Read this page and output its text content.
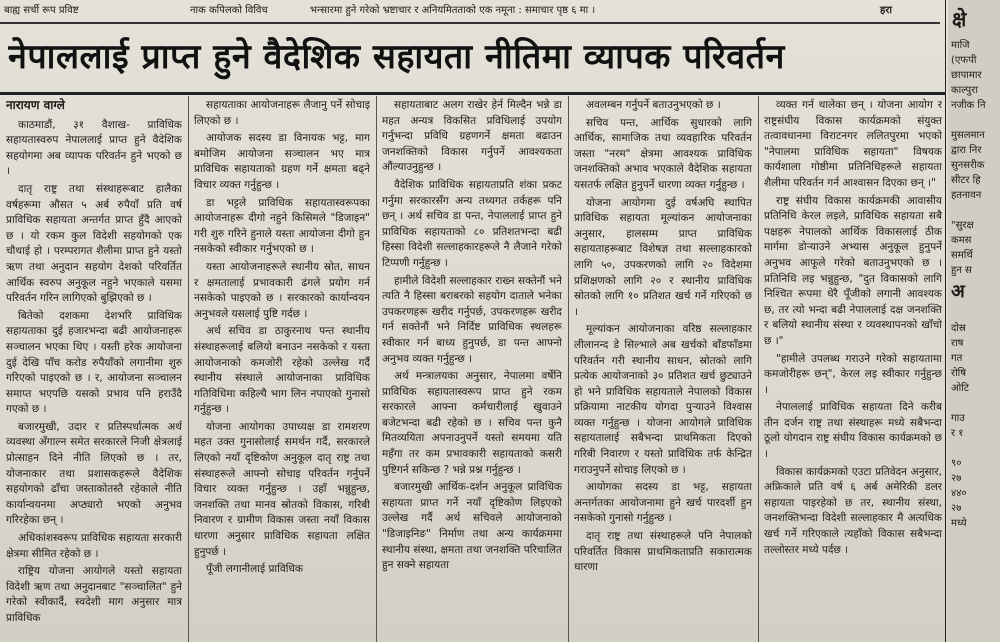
बाह्य सर्ची रूप प्रविष्ट	नाक कपिलको विविध	भन्सारमा हुने गरेको भ्रष्टाचार र अनियमितताको एक नमूना : समाचार पृष्ठ ६ मा ।	हरा
नेपाललाई प्राप्त हुने वैदेशिक सहायता नीतिमा व्यापक परिवर्तन

नारायण वाग्ले

काठमाडौं, ३१ वैशाख- प्राविधिक सहायतास्वरुप नेपाललाई प्राप्त हुने वैदेशिक सहयोगमा अब व्यापक परिवर्तन हुने भएको छ ।

दातृ राष्ट्र तथा संस्थाहरूबाट हालैका वर्षहरूमा औसत ५ अर्ब रुपैयाँ प्रति वर्ष प्राविधिक सहायता अन्तर्गत प्राप्त हुँदै आएको छ । यो रकम कुल विदेशी सहयोगको एक चौथाई हो । परम्परागत शैलीमा प्राप्त हुने यस्तो ऋण तथा अनुदान सहयोग देशको परिवर्तित आर्थिक स्वरुप अनुकूल नहुने भएकाले यसमा परिवर्तन गरिन लागिएको बुझिएको छ ।

बितेको दशकमा देशभरि प्राविधिक सहायताका दुई हजारभन्दा बढी आयोजनाहरू सञ्चालन भएका थिए । यस्ती हरेक आयोजना दुई देखि पाँच करोड रुपैयाँको लगानीमा शुरु गरिएको पाइएको छ । र, आयोजना सञ्चालन समाप्त भएपछि यसको प्रभाव पनि हराउँदै गएको छ ।

बजारमुखी, उदार र प्रतिस्पर्धात्मक अर्थ व्यवस्था अँगाल्न समेत सरकारले निजी क्षेत्रलाई प्रोत्साहन दिने नीति लिएको छ । तर, योजनाकार तथा प्रशासकहरूले वैदेशिक सहयोगको ढाँचा जस्ताकोतस्तै रहेकाले नीति कार्यान्वयनमा अप्ठ्यारो भएको अनुभव गरिरहेका छन् ।

अधिकांशस्वरूप प्राविधिक सहायता सरकारी क्षेत्रमा सीमित रहेको छ ।

राष्ट्रिय योजना आयोगले यस्तो सहायता विदेशी ऋण तथा अनुदानबाट "सञ्चालित" हुने गरेको स्वीकार्दै, स्वदेशी माग अनुसार मात्र प्राविधिक

सहायताका आयोजनाहरू लैजानु पर्ने सोचाइ लिएको छ ।

आयोजक सदस्य डा विनायक भट्ट, माग बमोजिम आयोजना सञ्चालन भए मात्र प्राविधिक सहायताको ग्रहण गर्ने क्षमता बढ्ने विचार व्यक्त गर्नुहुन्छ ।

डा भट्टले प्राविधिक सहायतास्वरूपका आयोजनाहरू दीगो नहुने किसिमले "डिजाइन" गरी शुरु गरिने हुनाले यस्ता आयोजना दीगो हुन नसकेको स्वीकार गर्नुभएको छ ।

यस्ता आयोजनाहरूले स्थानीय स्रोत, साधन र क्षमतालाई प्रभावकारी ढंगले प्रयोग गर्न नसकेको पाइएको छ । सरकारको कार्यान्वयन अनुभवले यसलाई पुष्टि गर्दछ ।

अर्थ सचिव डा ठाकुरनाथ पन्त स्थानीय संस्थाहरूलाई बलियो बनाउन नसकेको र यस्ता आयोजनाको कमजोरी रहेको उल्लेख गर्दै स्थानीय संस्थाले आयोजनाका प्राविधिक गतिविधिमा कहिल्यै भाग लिन नपाएको गुनासो गर्नुहुन्छ ।

योजना आयोगका उपाध्यक्ष डा रामशरण महत उक्त गुनासोलाई समर्थन गर्दै, सरकारले लिएको नयाँ दृष्टिकोण अनुकूल दातृ राष्ट्र तथा संस्थाहरूले आफ्नो सोचाइ परिवर्तन गर्नुपर्ने विचार व्यक्त गर्नुहुन्छ । उहाँ भन्नुहुन्छ, जनशक्ति तथा मानव स्रोतको विकास, गरिबी निवारण र ग्रामीण विकास जस्ता नयाँ विकास धारणा अनुसार प्राविधिक सहायता लक्षित हुनुपर्छ ।

पूँजी लगानीलाई प्राविधिक

सहायताबाट अलग राखेर हेर्न मिल्दैन भन्ने डा महत अन्यत्र विकसित प्रविधिलाई उपयोग गर्नुभन्दा प्रविधि ग्रहणगर्ने क्षमता बढाउन जनशक्तिको विकास गर्नुपर्ने आवश्यकता औंल्याउनुहुन्छ ।

वैदेशिक प्राविधिक सहायताप्रति शंका प्रकट गर्नुमा सरकारसँग अन्य तथ्यगत तर्कहरू पनि छन् । अर्थ सचिव डा पन्त, नेपाललाई प्राप्त हुने प्राविधिक सहायताको ८० प्रतिशतभन्दा बढी हिस्सा विदेशी सल्लाहकारहरूले नै लैजाने गरेको टिप्पणी गर्नुहुन्छ ।

हामीले विदेशी सल्लाहकार राख्न सक्तेनौं भने त्यति नै हिस्सा बराबरको सहयोग दाताले भनेका उपकरणहरू खरीद गर्नुपर्छ, उपकरणहरू खरीद गर्न सक्तेनौं भने निर्दिष्ट प्राविधिक स्थलहरू स्वीकार गर्न बाध्य हुनुपर्छ, डा पन्त आफ्नो अनुभव व्यक्त गर्नुहुन्छ ।

अर्थ मन्त्रालयका अनुसार, नेपालमा वर्षेनि प्राविधिक सहायतास्वरूप प्राप्त हुने रकम सरकारले आफ्ना कर्मचारीलाई खुवाउने बजेटभन्दा बढी रहेको छ । सचिव पन्त कुनै मितव्ययिता अपनाउनुपर्ने यस्तो समयमा यति महँगा तर कम प्रभावकारी सहायताको कसरी पुष्टिगर्न सकिन्छ ? भन्ने प्रश्न गर्नुहुन्छ ।

बजारमुखी आर्थिक-दर्शन अनुकूल प्राविधिक सहायता प्राप्त गर्ने नयाँ दृष्टिकोण लिइएको उल्लेख गर्दै अर्थ सचिवले आयोजनाको "डिजाइनिङ" निर्माण तथा अन्य कार्यक्रममा स्थानीय संस्था, क्षमता तथा जनशक्ति परिचालित हुन सक्ने सहायता

अवलम्बन गर्नुपर्ने बताउनुभएको छ ।

सचिव पन्त, आर्थिक सुधारको लागि आर्थिक, सामाजिक तथा व्यवहारिक परिवर्तन जस्ता "नरम" क्षेत्रमा आवश्यक प्राविधिक जनशक्तिको अभाव भएकाले वैदेशिक सहायता यसतर्फ लक्षित हुनुपर्ने धारणा व्यक्त गर्नुहुन्छ ।

योजना आयोगमा दुई वर्षअघि स्थापित प्राविधिक सहायता मूल्यांकन आयोजनाका अनुसार, हालसम्म प्राप्त प्राविधिक सहायताहरूबाट विशेषज्ञ तथा सल्लाहकारको लागि ५०, उपकरणको लागि २० विदेशमा प्रशिक्षणको लागि २० र स्थानीय प्राविधिक स्रोतको लागि १० प्रतिशत खर्च गर्ने गरिएको छ ।

मूल्यांकन आयोजनाका वरिष्ठ सल्लाहकार लीलानन्द डे सिल्भाले अब खर्चको बाँडफाँडमा परिवर्तन गरी स्थानीय साधन, स्रोतको लागि प्रत्येक आयोजनाको ३० प्रतिशत खर्च छुट्याउने हो भने प्राविधिक सहायताले नेपालको विकास प्रक्रियामा नाटकीय योगदा पुऱ्याउने विश्वास व्यक्त गर्नुहुन्छ । योजना आयोगले प्राविधिक सहायतालाई सबैभन्दा प्राथमिकता दिएको गरिबी निवारण र यस्तो प्राविधिक तर्फ केन्द्रित गराउनुपर्ने सोचाइ लिएको छ ।

आयोगका सदस्य डा भट्ट, सहायता अन्तर्गतका आयोजनामा हुने खर्च पारदर्शी हुन नसकेको गुनासो गर्नुहुन्छ ।

दातृ राष्ट्र तथा संस्थाहरूले पनि नेपालको परिवर्तित विकास प्राथमिकताप्रति सकारात्मक धारणा

व्यक्त गर्न थालेका छन् । योजना आयोग र राष्ट्रसंघीय विकास कार्यक्रमको संयुक्त तत्वावधानमा विराटनगर ललितपुरमा भएको "नेपालमा प्राविधिक सहायता" विषयक कार्यशाला गोष्ठीमा प्रतिनिधिहरूले सहायता शैलीमा परिवर्तन गर्न आश्वासन दिएका छन् ।"

राष्ट्र संघीय विकास कार्यक्रमकी आवासीय प्रतिनिधि केरल लइले, प्राविधिक सहायता सबै पक्षहरू नेपालको आर्थिक विकासलाई ठीक मार्गमा डोऱ्याउने अभ्यास अनुकूल हुनुपर्ने अनुभव आफूले गरेको बताउनुभएको छ । प्रतिनिधि लइ भन्नुहुन्छ, "दुत विकासको लागि निश्चित रूपमा धेरै पूँजीको लगानी आवश्यक छ, तर त्यो भन्दा बढी नेपाललाई दक्ष जनशक्ति र बलियो स्थानीय संस्था र व्यवस्थापनको खाँचो छ ।"

"हामीले उपलब्ध गराउने गरेको सहायतामा कमजोरीहरू छन्", केरल लइ स्वीकार गर्नुहुन्छ ।

नेपाललाई प्राविधिक सहायता दिने करीब तीन दर्जन राष्ट्र तथा संस्थाहरू मध्ये सबैभन्दा ठूलो योगदान राष्ट्र संघीय विकास कार्यक्रमको छ ।

विकास कार्यक्रमको एउटा प्रतिवेदन अनुसार, अफ्रिकाले प्रति वर्ष ६ अर्ब अमेरिकी डलर सहायता पाइरहेको छ तर, स्थानीय संस्था, जनशक्तिभन्दा विदेशी सल्लाहकार मै अत्यधिक खर्च गर्ने गरिएकाले त्यहाँको विकास सबैभन्दा तल्लोस्तर मध्ये पर्दछ ।

क्षे
माजि
(एफपी
छापामार
काल्पुरा
नजीक नि

मुसलमान
द्वारा निर
सुनसरीक
सीटर हि
हतनावन

"सुरक्ष
कमस
समर्थि
हुन स
अ

दोस्र
राष
गत
रोषि
ओटि

गाउ
र १

९०
२७
४४०
२७
मध्ये
